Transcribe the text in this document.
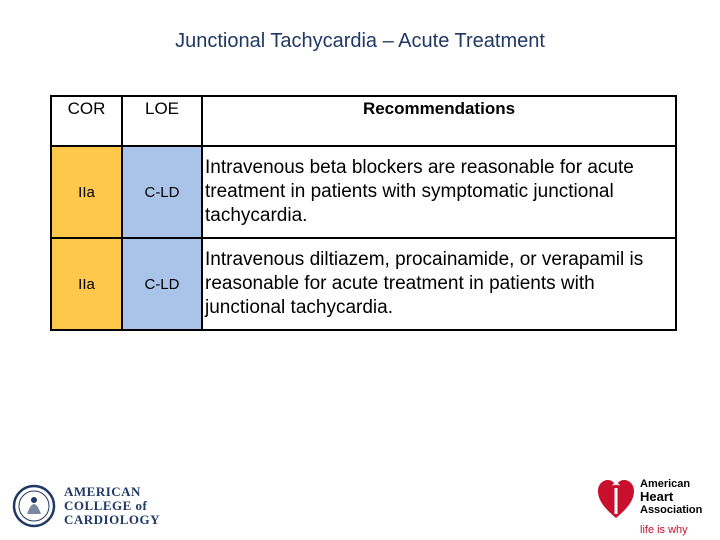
Junctional Tachycardia – Acute Treatment
COR	LOE	Recommendations
IIa	C-LD	Intravenous beta blockers are reasonable for acute treatment in patients with symptomatic junctional tachycardia.
IIa	C-LD	Intravenous diltiazem, procainamide, or verapamil is reasonable for acute treatment in patients with junctional tachycardia.
AMERICAN
COLLEGE of
CARDIOLOGY
American
Heart
Association
life is why
